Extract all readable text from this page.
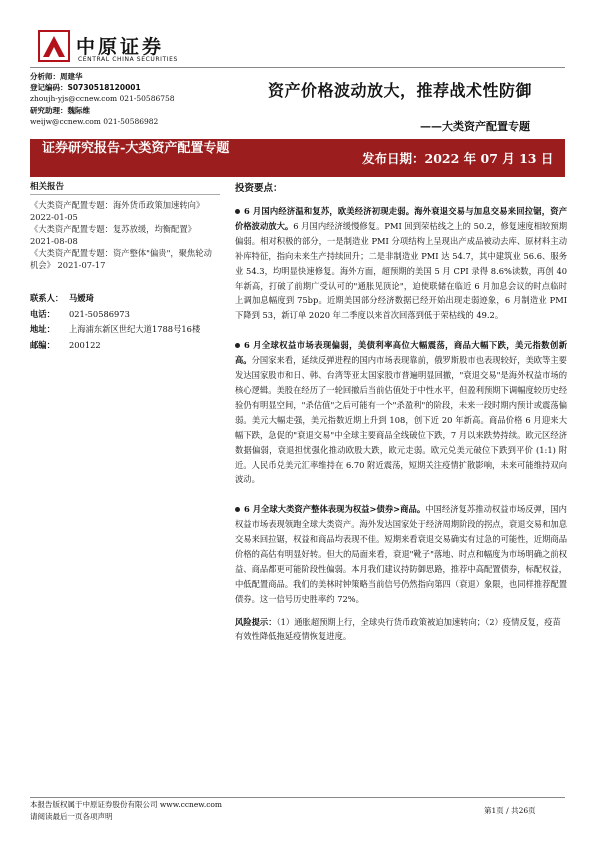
中原证券
CENTRAL CHINA SECURITIES
分析师：周建华
登记编码：S0730518120001
zhoujh-yjs@ccnew.com 021-50586758
研究助理：魏际维
weijw@ccnew.com 021-50586982
资产价格波动放大，推荐战术性防御
——大类资产配置专题
证券研究报告-大类资产配置专题
发布日期：2022 年 07 月 13 日
相关报告
《大类资产配置专题：海外货币政策加速转向》 2022-01-05
《大类资产配置专题：复苏放缓，均衡配置》 2021-08-08
《大类资产配置专题：资产整体"偏贵"，聚焦轮动机会》 2021-07-17
联系人： 马嫒琦
电话：	021-50586973
地址：	上海浦东新区世纪大道1788号16楼
邮编：	200122
投资要点：
6 月国内经济温和复苏，欧美经济初现走弱。海外衰退交易与加息交易来回拉锯，资产价格波动放大。6 月国内经济缓慢修复。PMI 回到荣枯线之上的 50.2，修复速度相较预期偏弱。相对积极的部分，一是制造业 PMI 分项结构上呈现出产成品被动去库、原材料主动补库特征，指向未来生产持续回升；二是非制造业 PMI 达 54.7，其中建筑业 56.6、服务业 54.3，均明显快速修复。海外方面，超预期的美国 5 月 CPI 录得 8.6%读数，再创 40 年新高，打破了前期广受认可的"通胀见顶论"，迫使联储在临近 6 月加息会议的时点临时上调加息幅度到 75bp。近期美国部分经济数据已经开始出现走弱迹象，6 月制造业 PMI 下降到 53，新订单 2020 年二季度以来首次回落到低于荣枯线的 49.2。
6 月全球权益市场表现偏弱，美债利率高位大幅震荡，商品大幅下跌，美元指数创新高。分国家来看，延续反弹进程的国内市场表现靠前，俄罗斯股市也表现较好，美欧等主要发达国家股市和日、韩、台湾等亚太国家股市普遍明显回撤，"衰退交易"是海外权益市场的核心逻辑。美股在经历了一轮回撤后当前估值处于中性水平，但盈利预期下调幅度较历史经验仍有明显空间，"杀估值"之后可能有一个"杀盈利"的阶段，未来一段时期内预计或震荡偏弱。美元大幅走强，美元指数近期上升到 108，创下近 20 年新高。商品价格 6 月迎来大幅下跌，急促的"衰退交易"中全球主要商品全线破位下跌，7 月以来跌势持续。欧元区经济数据偏弱，衰退担忧强化推动欧股大跌，欧元走弱。欧元兑美元破位下跌到平价 (1:1) 附近。人民币兑美元汇率维持在 6.70 附近震荡，短期关注疫情扩散影响，未来可能维持双向波动。
6 月全球大类资产整体表现为权益>债券>商品。中国经济复苏推动权益市场反弹，国内权益市场表现领跑全球大类资产。海外发达国家处于经济周期阶段的拐点，衰退交易和加息交易来回拉锯，权益和商品均表现不佳。短期来看衰退交易确实有过急的可能性，近期商品价格的高估有明显好转。但大的局面来看，衰退"靴子"落地、时点和幅度为市场明确之前权益、商品都更可能阶段性偏弱。本月我们建议持防御思路，推荐中高配置债券，标配权益，中低配置商品。我们的美林时钟策略当前信号仍然指向第四（衰退）象限，也同样推荐配置债券。这一信号历史胜率约 72%。
风险提示：（1）通胀超预期上行，全球央行货币政策被迫加速转向；（2）疫情反复，疫苗有效性降低拖延疫情恢复进度。
本报告版权属于中原证券股份有限公司 www.ccnew.com
请阅读最后一页各项声明
第1页 / 共26页
